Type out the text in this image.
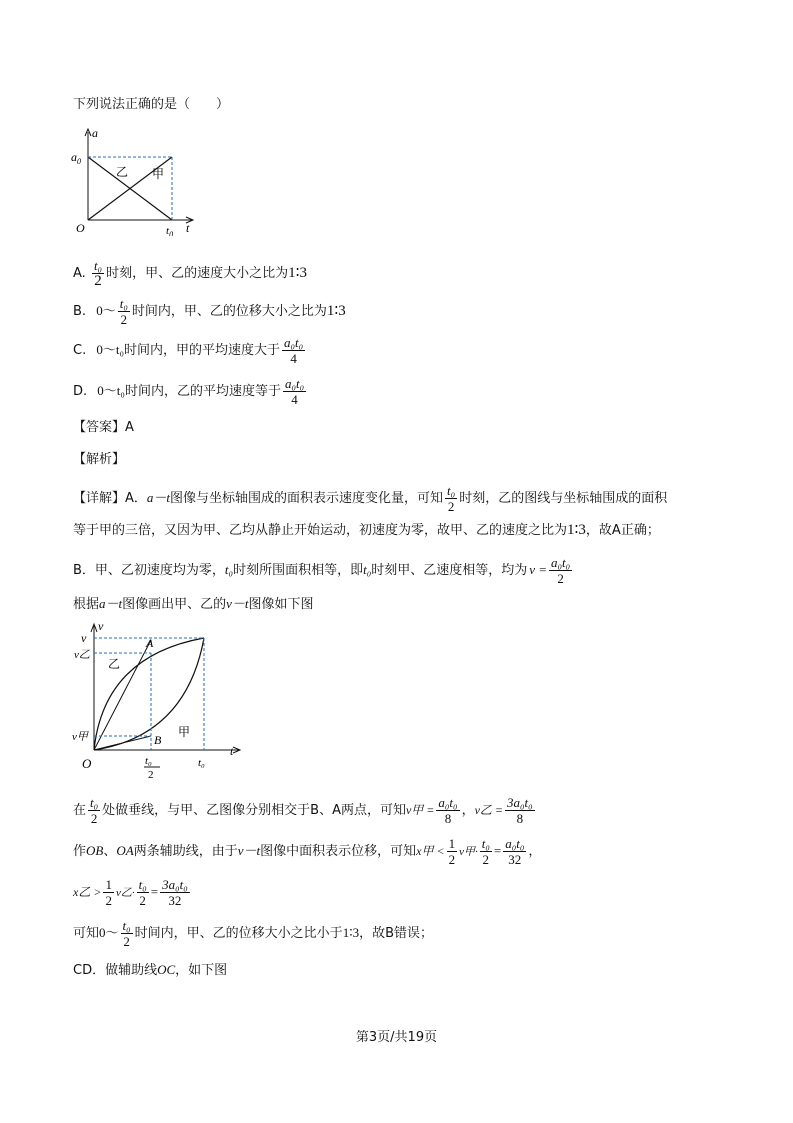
下列说法正确的是（　　）
a
t
O
$a_0$
$t_0$
乙 甲
A. $\frac{\text{t₀}}{2}$ 时刻，甲、乙的速度大小之比为1∶3
B. 0～ $\frac{\text{t₀}}{2}$ 时间内，甲、乙的位移大小之比为1∶3
C. 0～t₀时间内，甲的平均速度大于 $\frac{\text{a₀t₀}}{4}$
D. 0～t₀时间内，乙的平均速度等于 $\frac{\text{a₀t₀}}{4}$
【答案】A
【解析】
【详解】A．a－t图像与坐标轴围成的面积表示速度变化量，可知 $\frac{\text{t₀}}{2}$ 时刻，乙的图线与坐标轴围成的面积
等于甲的三倍，又因为甲、乙均从静止开始运动，初速度为零，故甲、乙的速度之比为1∶3，故A正确；
B．甲、乙初速度均为零，t₀时刻所围面积相等，即t₀时刻甲、乙速度相等，均为 $v = \frac{\text{a₀t₀}}{2}$
根据a－t图像画出甲、乙的v－t图像如下图
v
t
O
v
v乙
v甲
A
B
乙
甲
t₀
2
t₀
在 $\frac{\text{t₀}}{2}$ 处做垂线，与甲、乙图像分别相交于B、A两点，可知v甲 = $\frac{\text{a₀t₀}}{8}$ ，v乙 = $\frac{\text{3a₀t₀}}{8}$
作OB、OA两条辅助线，由于v－t图像中面积表示位移，可知x甲 < $\frac{1}{2}$ v甲· $\frac{\text{t₀}}{2} = \frac{\text{a₀t₀}}{32}$ ，
x乙 > $\frac{1}{2}$ v乙· $\frac{\text{t₀}}{2} = \frac{\text{3a₀t₀}}{32}$
可知0～ $\frac{\text{t₀}}{2}$ 时间内，甲、乙的位移大小之比小于1∶3，故B错误；
CD．做辅助线OC，如下图
第3页/共19页
